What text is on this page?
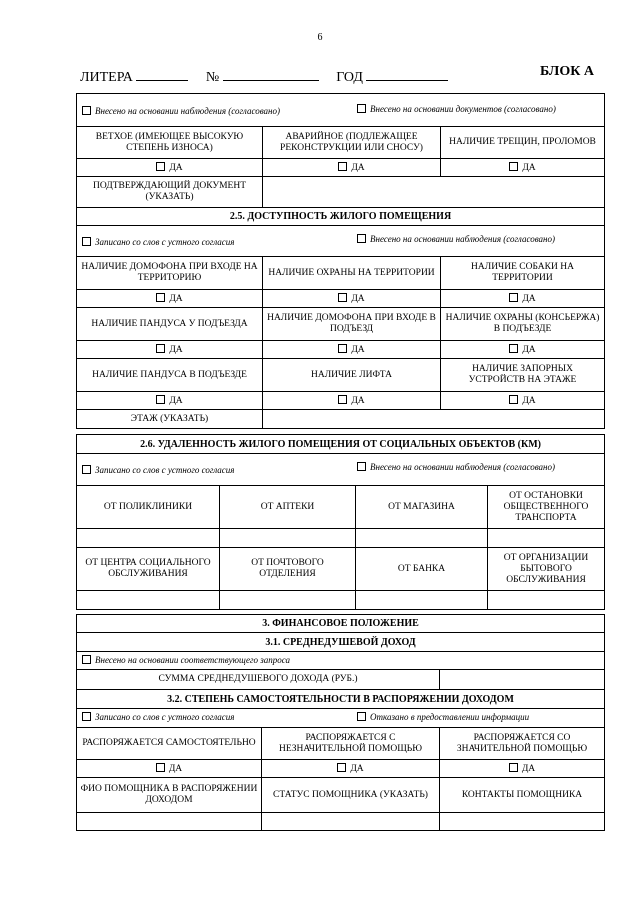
6
ЛИТЕРА	№	ГОД	БЛОК А
Внесено на основании наблюдения (согласовано) Внесено на основании документов (согласовано)		
ВЕТХОЕ (ИМЕЮЩЕЕ ВЫСОКУЮ СТЕПЕНЬ ИЗНОСА)	АВАРИЙНОЕ (ПОДЛЕЖАЩЕЕ РЕКОНСТРУКЦИИ ИЛИ СНОСУ)	НАЛИЧИЕ ТРЕЩИН, ПРОЛОМОВ
ДА	ДА	ДА
ПОДТВЕРЖДАЮЩИЙ ДОКУМЕНТ (УКАЗАТЬ)		
2.5. ДОСТУПНОСТЬ ЖИЛОГО ПОМЕЩЕНИЯ		
Записано со слов с устного согласия Внесено на основании наблюдения (согласовано)		
НАЛИЧИЕ ДОМОФОНА ПРИ ВХОДЕ НА ТЕРРИТОРИЮ	НАЛИЧИЕ ОХРАНЫ НА ТЕРРИТОРИИ	НАЛИЧИЕ СОБАКИ НА ТЕРРИТОРИИ
ДА	ДА	ДА
НАЛИЧИЕ ПАНДУСА У ПОДЪЕЗДА	НАЛИЧИЕ ДОМОФОНА ПРИ ВХОДЕ В ПОДЪЕЗД	НАЛИЧИЕ ОХРАНЫ (КОНСЬЕРЖА) В ПОДЪЕЗДЕ
ДА	ДА	ДА
НАЛИЧИЕ ПАНДУСА В ПОДЪЕЗДЕ	НАЛИЧИЕ ЛИФТА	НАЛИЧИЕ ЗАПОРНЫХ УСТРОЙСТВ НА ЭТАЖЕ
ДА	ДА	ДА
ЭТАЖ (УКАЗАТЬ)		
2.6. УДАЛЕННОСТЬ ЖИЛОГО ПОМЕЩЕНИЯ ОТ СОЦИАЛЬНЫХ ОБЪЕКТОВ (КМ)			
Записано со слов с устного согласия Внесено на основании наблюдения (согласовано)			
ОТ ПОЛИКЛИНИКИ	ОТ АПТЕКИ	ОТ МАГАЗИНА	ОТ ОСТАНОВКИ ОБЩЕСТВЕННОГО ТРАНСПОРТА

ОТ ЦЕНТРА СОЦИАЛЬНОГО ОБСЛУЖИВАНИЯ	ОТ ПОЧТОВОГО ОТДЕЛЕНИЯ	ОТ БАНКА	ОТ ОРГАНИЗАЦИИ БЫТОВОГО ОБСЛУЖИВАНИЯ

3. ФИНАНСОВОЕ ПОЛОЖЕНИЕ		
3.1. СРЕДНЕДУШЕВОЙ ДОХОД		
Внесено на основании соответствующего запроса		
СУММА СРЕДНЕДУШЕВОГО ДОХОДА (РУБ.)		
3.2. СТЕПЕНЬ САМОСТОЯТЕЛЬНОСТИ В РАСПОРЯЖЕНИИ ДОХОДОМ		
Записано со слов с устного согласия Отказано в предоставлении информации		
РАСПОРЯЖАЕТСЯ САМОСТОЯТЕЛЬНО	РАСПОРЯЖАЕТСЯ С НЕЗНАЧИТЕЛЬНОЙ ПОМОЩЬЮ	РАСПОРЯЖАЕТСЯ СО ЗНАЧИТЕЛЬНОЙ ПОМОЩЬЮ
ДА	ДА	ДА
ФИО ПОМОЩНИКА В РАСПОРЯЖЕНИИ ДОХОДОМ	СТАТУС ПОМОЩНИКА (УКАЗАТЬ)	КОНТАКТЫ ПОМОЩНИКА
